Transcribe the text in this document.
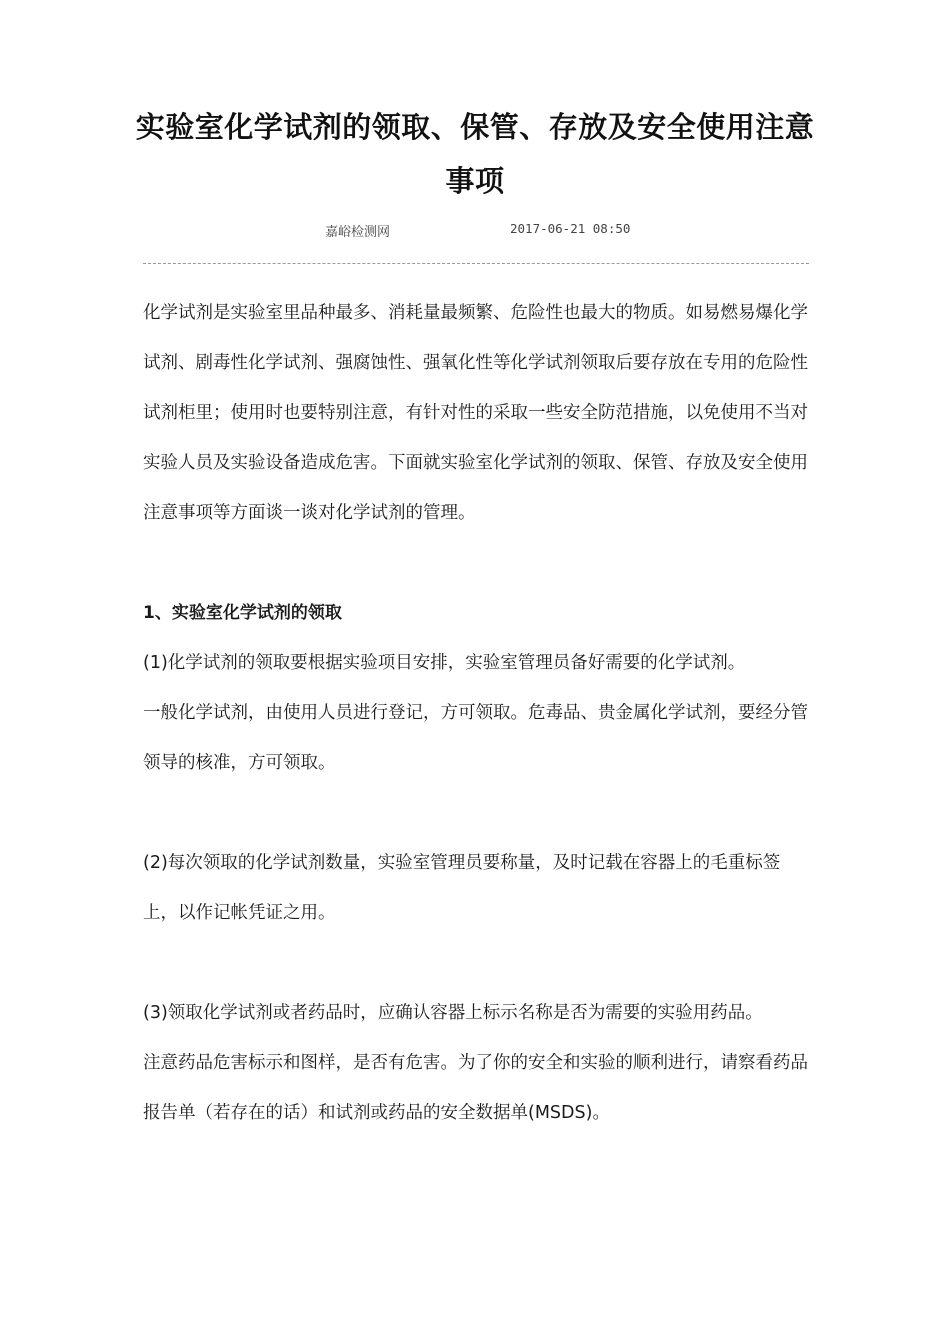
实验室化学试剂的领取、保管、存放及安全使用注意
事项
嘉峪检测网	2017-06-21 08:50

化学试剂是实验室里品种最多、消耗量最频繁、危险性也最大的物质。如易燃易爆化学试剂、剧毒性化学试剂、强腐蚀性、强氧化性等化学试剂领取后要存放在专用的危险性试剂柜里；使用时也要特别注意，有针对性的采取一些安全防范措施，以免使用不当对实验人员及实验设备造成危害。下面就实验室化学试剂的领取、保管、存放及安全使用注意事项等方面谈一谈对化学试剂的管理。

1、实验室化学试剂的领取

(1)化学试剂的领取要根据实验项目安排，实验室管理员备好需要的化学试剂。

一般化学试剂，由使用人员进行登记，方可领取。危毒品、贵金属化学试剂，要经分管领导的核准，方可领取。

(2)每次领取的化学试剂数量，实验室管理员要称量，及时记载在容器上的毛重标签上，以作记帐凭证之用。

(3)领取化学试剂或者药品时，应确认容器上标示名称是否为需要的实验用药品。

注意药品危害标示和图样，是否有危害。为了你的安全和实验的顺利进行，请察看药品报告单（若存在的话）和试剂或药品的安全数据单(MSDS)。
